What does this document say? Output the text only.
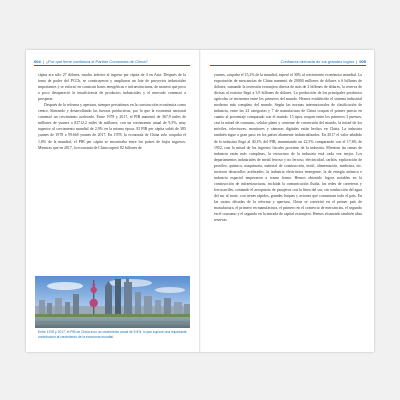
004 | ¿Por qué tiene confianza el Partido Comunista de China?

cápita era sólo 27 dólares, mucho inferior al ingreso per cápita de 4 en Asia. Después de la toma de poder del PCCh, se construyeron y ampliaron un lote de proyectos industriales importantes y se esforzó en construir bases energéticas e infraestructuras, de manera que poco a poco desapareció la insuficiencia de productos industriales y el mercado comenzó a prosperar.

Después de la reforma y apertura, siempre persistimos en la construcción económica como centro, liberando y desarrollando las fuerzas productivas, por lo que la economía nacional comenzó un crecimiento acelerado. Entre 1978 y 2017, el PIB aumentó de 367,9 miles de millones de yuanes a 82712,2 miles de millones, con un crecimiento anual de 9,5%, muy superior al crecimiento mundial de 2,9% en la misma época. El PIB per cápita subió de 385 yuanes de 1978 a 59.660 yuanes de 2017. En 1978, la economía de China solo ocupaba el 1,8% de la mundial, el PIB per cápita se encontraba entre los países de bajos ingresos. Mientras que en 2017, la economía de China superó 82 billones de

Entre 1978 y 2017, el PIB de China tuvo un crecimiento anual de 9,5%, lo que supone una importante contribución al crecimiento de la economía mundial.
Confianza derivada de los grandes logros | 005

yuanes, ocupaba el 15,2% de la mundial, superó el 30% al crecimiento económico mundial. La exportación de mercancías de China aumentó de 20000 millones de dólares a 6 billones de dólares, sumando la inversión extranjera directa de más de 2 billones de dólares, la reserva de divisas al exterior llegó a 3,9 billones de dólares. La producción de los principales productos agrícolas se encuentra entre los primeros del mundo. Hemos establecido el sistema industrial moderno más completo del mundo. Según las normas internacionales de clasificación de industria, entre las 22 categorías y 7 de manufactura de China ocupan el primer puesto en cuanto al porcentaje comparado con el mundo, 15 tipos ocupan entre los primeros 3 puestos, casi la mitad de consumo, celular plano y centenar de conversión del mundo, la mitad de los móviles, televisores, monitores y cámaras digitales están hechos en China. La industria también sigue a gran paso en los países altamente industrializados. En 2017 el valor añadido de la industria llegó al 40,1% del PIB, aumentando un 22,5% comparando con el 17,6% de 1952, casi la mitad de los ingresos fiscales proviene de la industria. Mientras las ramas de industria están más completas, la estructura de la industria está cada vez mejor. Los departamentos industriales de metal ferroso y no ferroso, electricidad, carbón, exploración de petróleo, química, maquinaria, material de construcción, textil, alimentación, medicina, etc. tuvieron desarrollos acelerados, la industria electrónica emergente, la de energía atómica e industria espacial empezaron a tomar forma. Hemos obtenido logros notables en la construcción de infraestructuras, incluida la comunicación fluida, las redes de carreteras y ferrocarriles, contando el aeropuerto de pasajeros con la línea del sur, sin conducción del agua del sur al norte, con trenes rápidos, grandes buques y aviones que comunican todo el país. En las cuatro décadas de la reforma y apertura, China se convirtió en el primer país de manufactura, el primero en manufactura, el primero en el comercio de mercancías, el segundo en el consumo y el segundo en la entrada de capital extranjero. Hemos alcanzado también altas reservas
